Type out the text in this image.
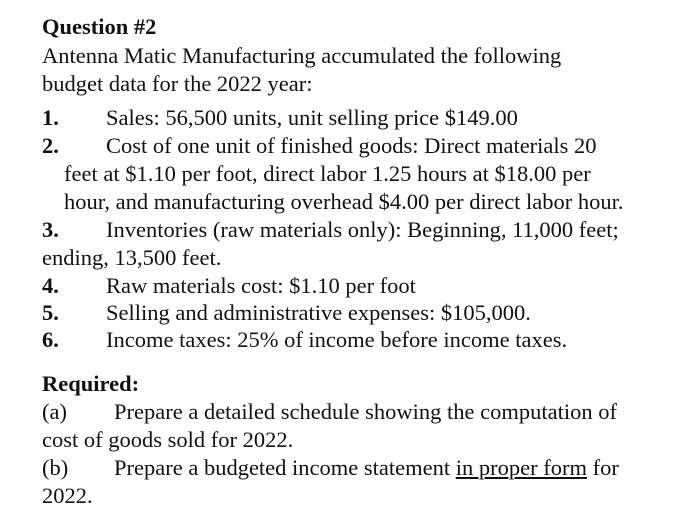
Question #2
Antenna Matic Manufacturing accumulated the following
budget data for the 2022 year:
1. Sales: 56,500 units, unit selling price $149.00
2. Cost of one unit of finished goods: Direct materials 20
feet at $1.10 per foot, direct labor 1.25 hours at $18.00 per
hour, and manufacturing overhead $4.00 per direct labor hour.
3. Inventories (raw materials only): Beginning, 11,000 feet;
ending, 13,500 feet.
4. Raw materials cost: $1.10 per foot
5. Selling and administrative expenses: $105,000.
6. Income taxes: 25% of income before income taxes.
Required:
(a) Prepare a detailed schedule showing the computation of
cost of goods sold for 2022.
(b) Prepare a budgeted income statement in proper form for
2022.
